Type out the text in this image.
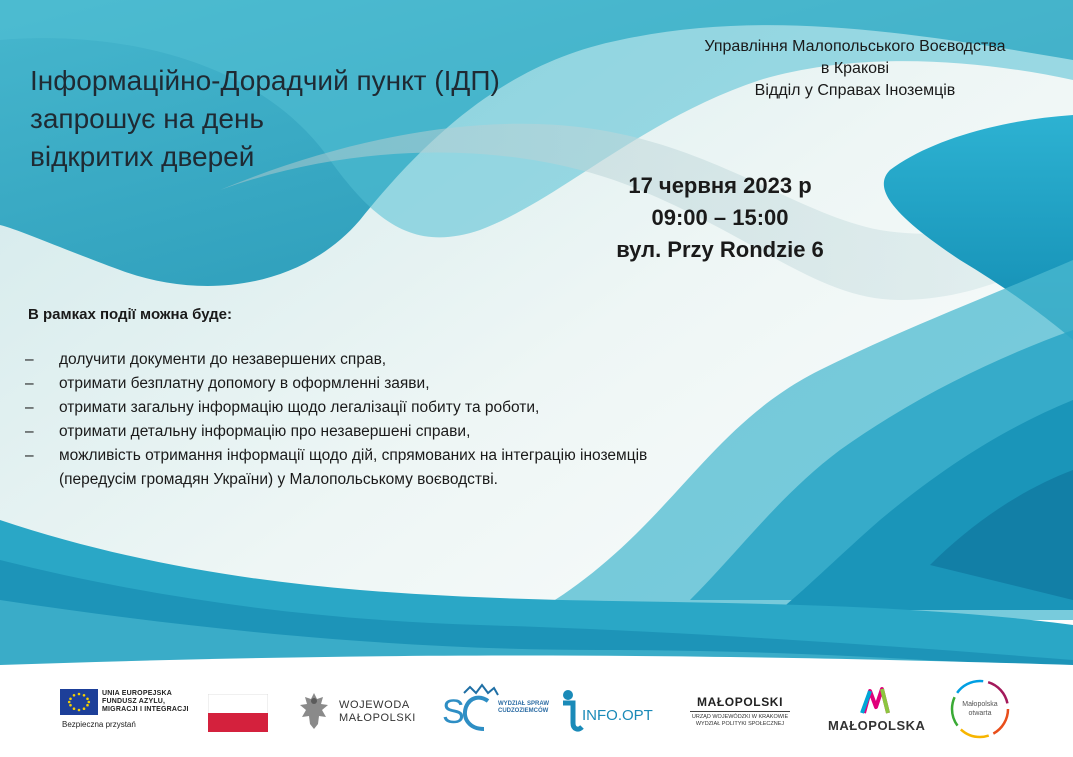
Інформаційно-Дорадчий пункт (ІДП)
запрошує на день
відкритих дверей
Управління Малопольського Воєводства
в Кракові
Відділ у Справах Іноземців
17 червня 2023 р
09:00 – 15:00
вул. Przy Rondzie 6
В рамках події можна буде:
– долучити документи до незавершених справ,
– отримати безплатну допомогу в оформленні заяви,
– отримати загальну інформацію щодо легалізації побиту та роботи,
– отримати детальну інформацію про незавершені справи,
– можливість отримання інформації щодо дій, спрямованих на інтеграцію іноземців (передусім громадян України) у Малопольському воєводстві.
UNIA EUROPEJSKA
FUNDUSZ AZYLU,
MIGRACJI I INTEGRACJI
Bezpieczna przystań
WOJEWODA
MAŁOPOLSKI S	WYDZIAŁ SPRAW
CUDZOZIEMCÓW INFO.OPT
MAŁOPOLSKI
URZĄD WOJEWÓDZKI W KRAKOWIE
WYDZIAŁ POLITYKI SPOŁECZNEJ	MAŁOPOLSKA
Małopolska
otwarta
